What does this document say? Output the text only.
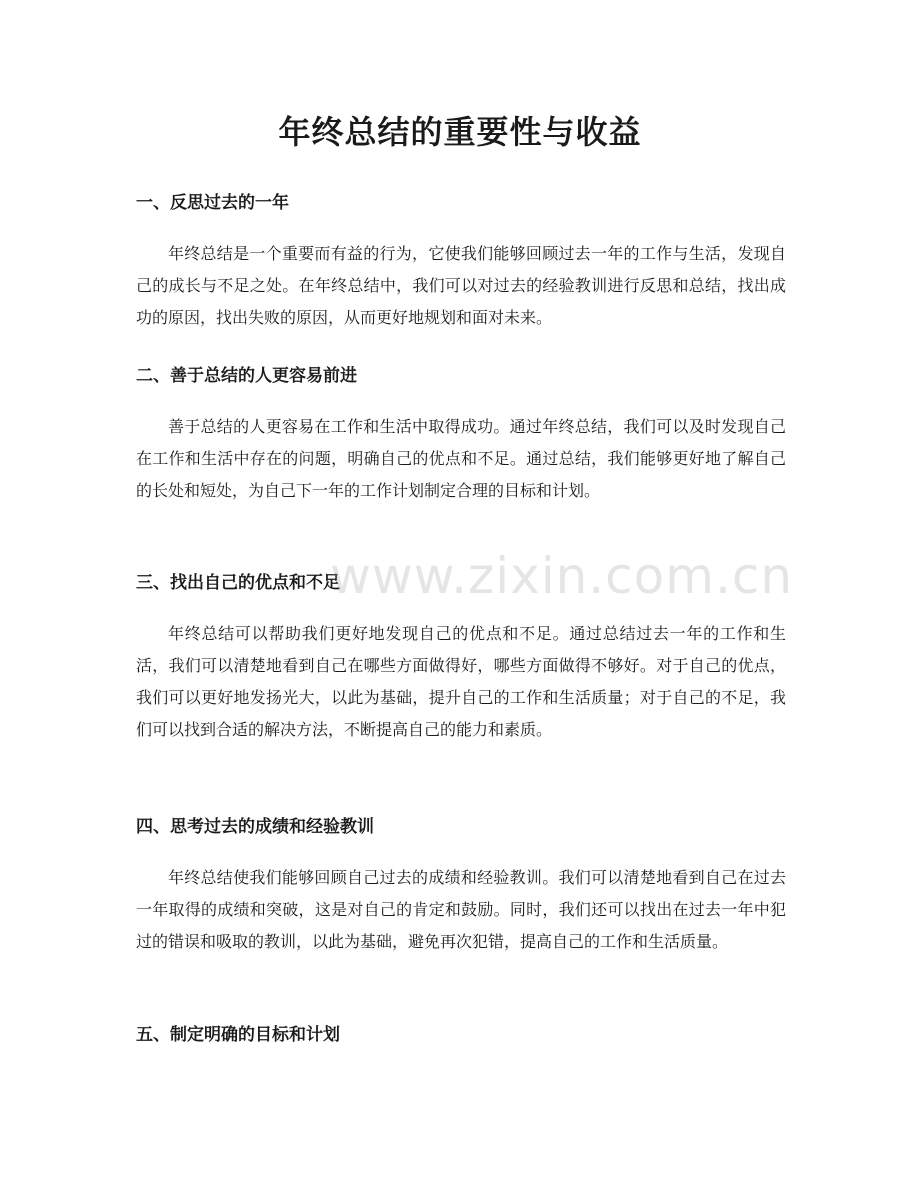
年终总结的重要性与收益
一、反思过去的一年

年终总结是一个重要而有益的行为，它使我们能够回顾过去一年的工作与生活，发现自己的成长与不足之处。在年终总结中，我们可以对过去的经验教训进行反思和总结，找出成功的原因，找出失败的原因，从而更好地规划和面对未来。

二、善于总结的人更容易前进

善于总结的人更容易在工作和生活中取得成功。通过年终总结，我们可以及时发现自己在工作和生活中存在的问题，明确自己的优点和不足。通过总结，我们能够更好地了解自己的长处和短处，为自己下一年的工作计划制定合理的目标和计划。

三、找出自己的优点和不足

年终总结可以帮助我们更好地发现自己的优点和不足。通过总结过去一年的工作和生活，我们可以清楚地看到自己在哪些方面做得好，哪些方面做得不够好。对于自己的优点，我们可以更好地发扬光大，以此为基础，提升自己的工作和生活质量；对于自己的不足，我们可以找到合适的解决方法，不断提高自己的能力和素质。

四、思考过去的成绩和经验教训

年终总结使我们能够回顾自己过去的成绩和经验教训。我们可以清楚地看到自己在过去一年取得的成绩和突破，这是对自己的肯定和鼓励。同时，我们还可以找出在过去一年中犯过的错误和吸取的教训，以此为基础，避免再次犯错，提高自己的工作和生活质量。

五、制定明确的目标和计划
www.zixin.com.cn
